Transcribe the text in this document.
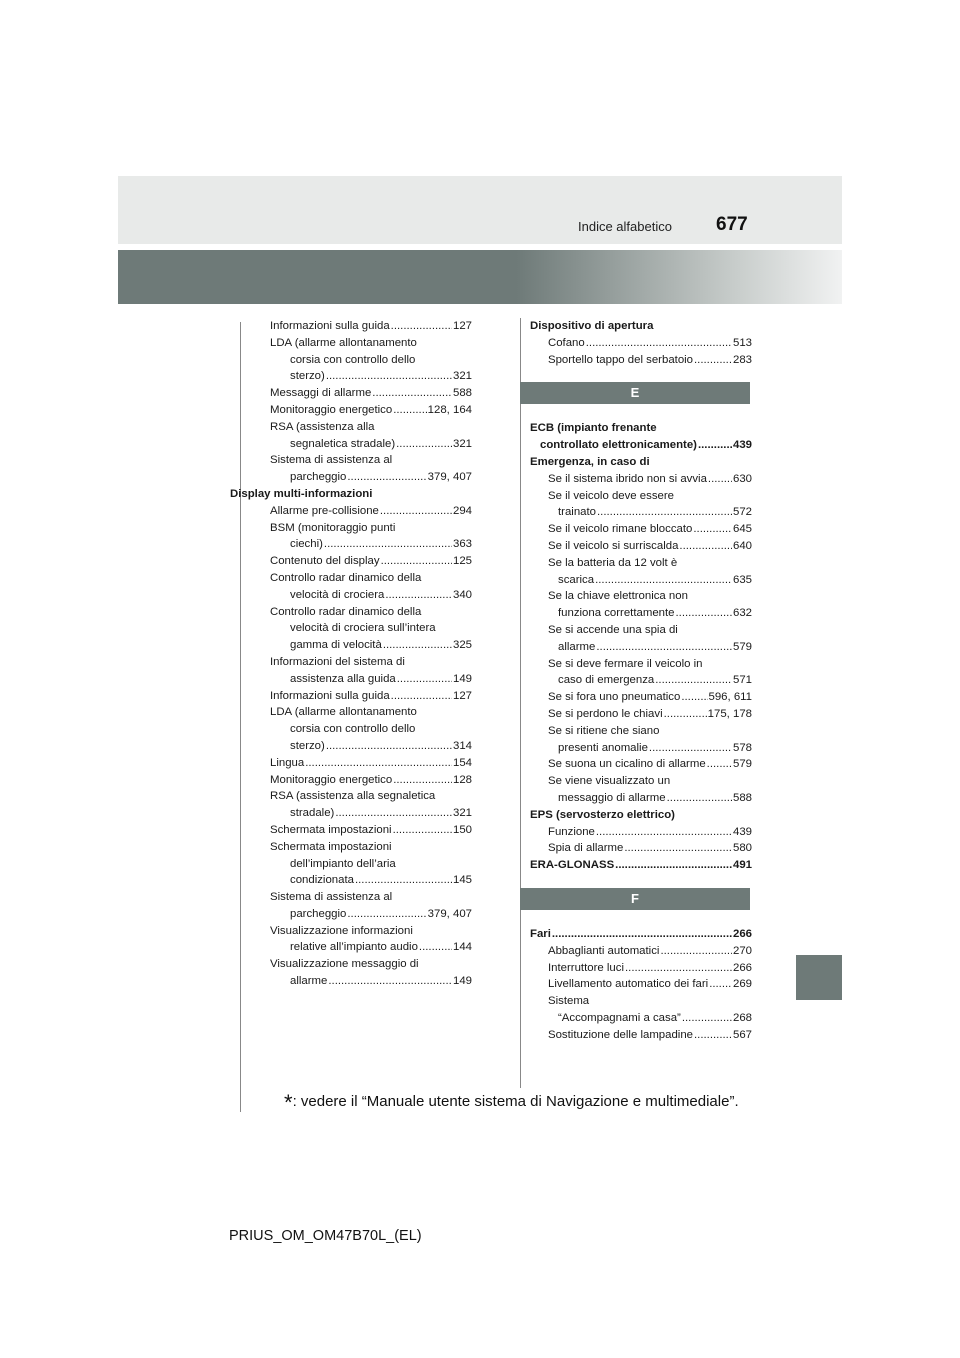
677
Indice alfabetico
Informazioni sulla guida .....	127
LDA (allarme allontanamento
corsia con controllo dello
sterzo) .....	321
Messaggi di allarme .....	588
Monitoraggio energetico .....	128, 164
RSA (assistenza alla
segnaletica stradale) .....	321
Sistema di assistenza al
parcheggio .....	379, 407
Display multi-informazioni
Allarme pre-collisione .....	294
BSM (monitoraggio punti
ciechi) .....	363
Contenuto del display .....	125
Controllo radar dinamico della
velocità di crociera .....	340
Controllo radar dinamico della
velocità di crociera sull’intera
gamma di velocità .....	325
Informazioni del sistema di
assistenza alla guida .....	149
Informazioni sulla guida .....	127
LDA (allarme allontanamento
corsia con controllo dello
sterzo) .....	314
Lingua .....	154
Monitoraggio energetico .....	128
RSA (assistenza alla segnaletica
stradale) .....	321
Schermata impostazioni .....	150
Schermata impostazioni
dell’impianto dell’aria
condizionata .....	145
Sistema di assistenza al
parcheggio .....	379, 407
Visualizzazione informazioni
relative all’impianto audio .....	144
Visualizzazione messaggio di
allarme .....	149
Dispositivo di apertura
Cofano .....	513
Sportello tappo del serbatoio .....	283
E
ECB (impianto frenante
controllato elettronicamente) .....	439
Emergenza, in caso di
Se il sistema ibrido non si avvia ..... 630
Se il veicolo deve essere
trainato .....	572
Se il veicolo rimane bloccato .....	645
Se il veicolo si surriscalda .....	640
Se la batteria da 12 volt è
scarica .....	635
Se la chiave elettronica non
funziona correttamente .....	632
Se si accende una spia di
allarme .....	579
Se si deve fermare il veicolo in
caso di emergenza .....	571
Se si fora uno pneumatico ..... 596, 611
Se si perdono le chiavi .....	175, 178
Se si ritiene che siano
presenti anomalie .....	578
Se suona un cicalino di allarme ..... 579
Se viene visualizzato un
messaggio di allarme .....	588
EPS (servosterzo elettrico)
Funzione .....	439
Spia di allarme .....	580
ERA-GLONASS .....	491
F
Fari .....	266
Abbaglianti automatici .....	270
Interruttore luci .....	266
Livellamento automatico dei fari ..... 269
Sistema
“Accompagnami a casa” .....	268
Sostituzione delle lampadine .....	567
*: vedere il “Manuale utente sistema di Navigazione e multimediale”.
PRIUS_OM_OM47B70L_(EL)
